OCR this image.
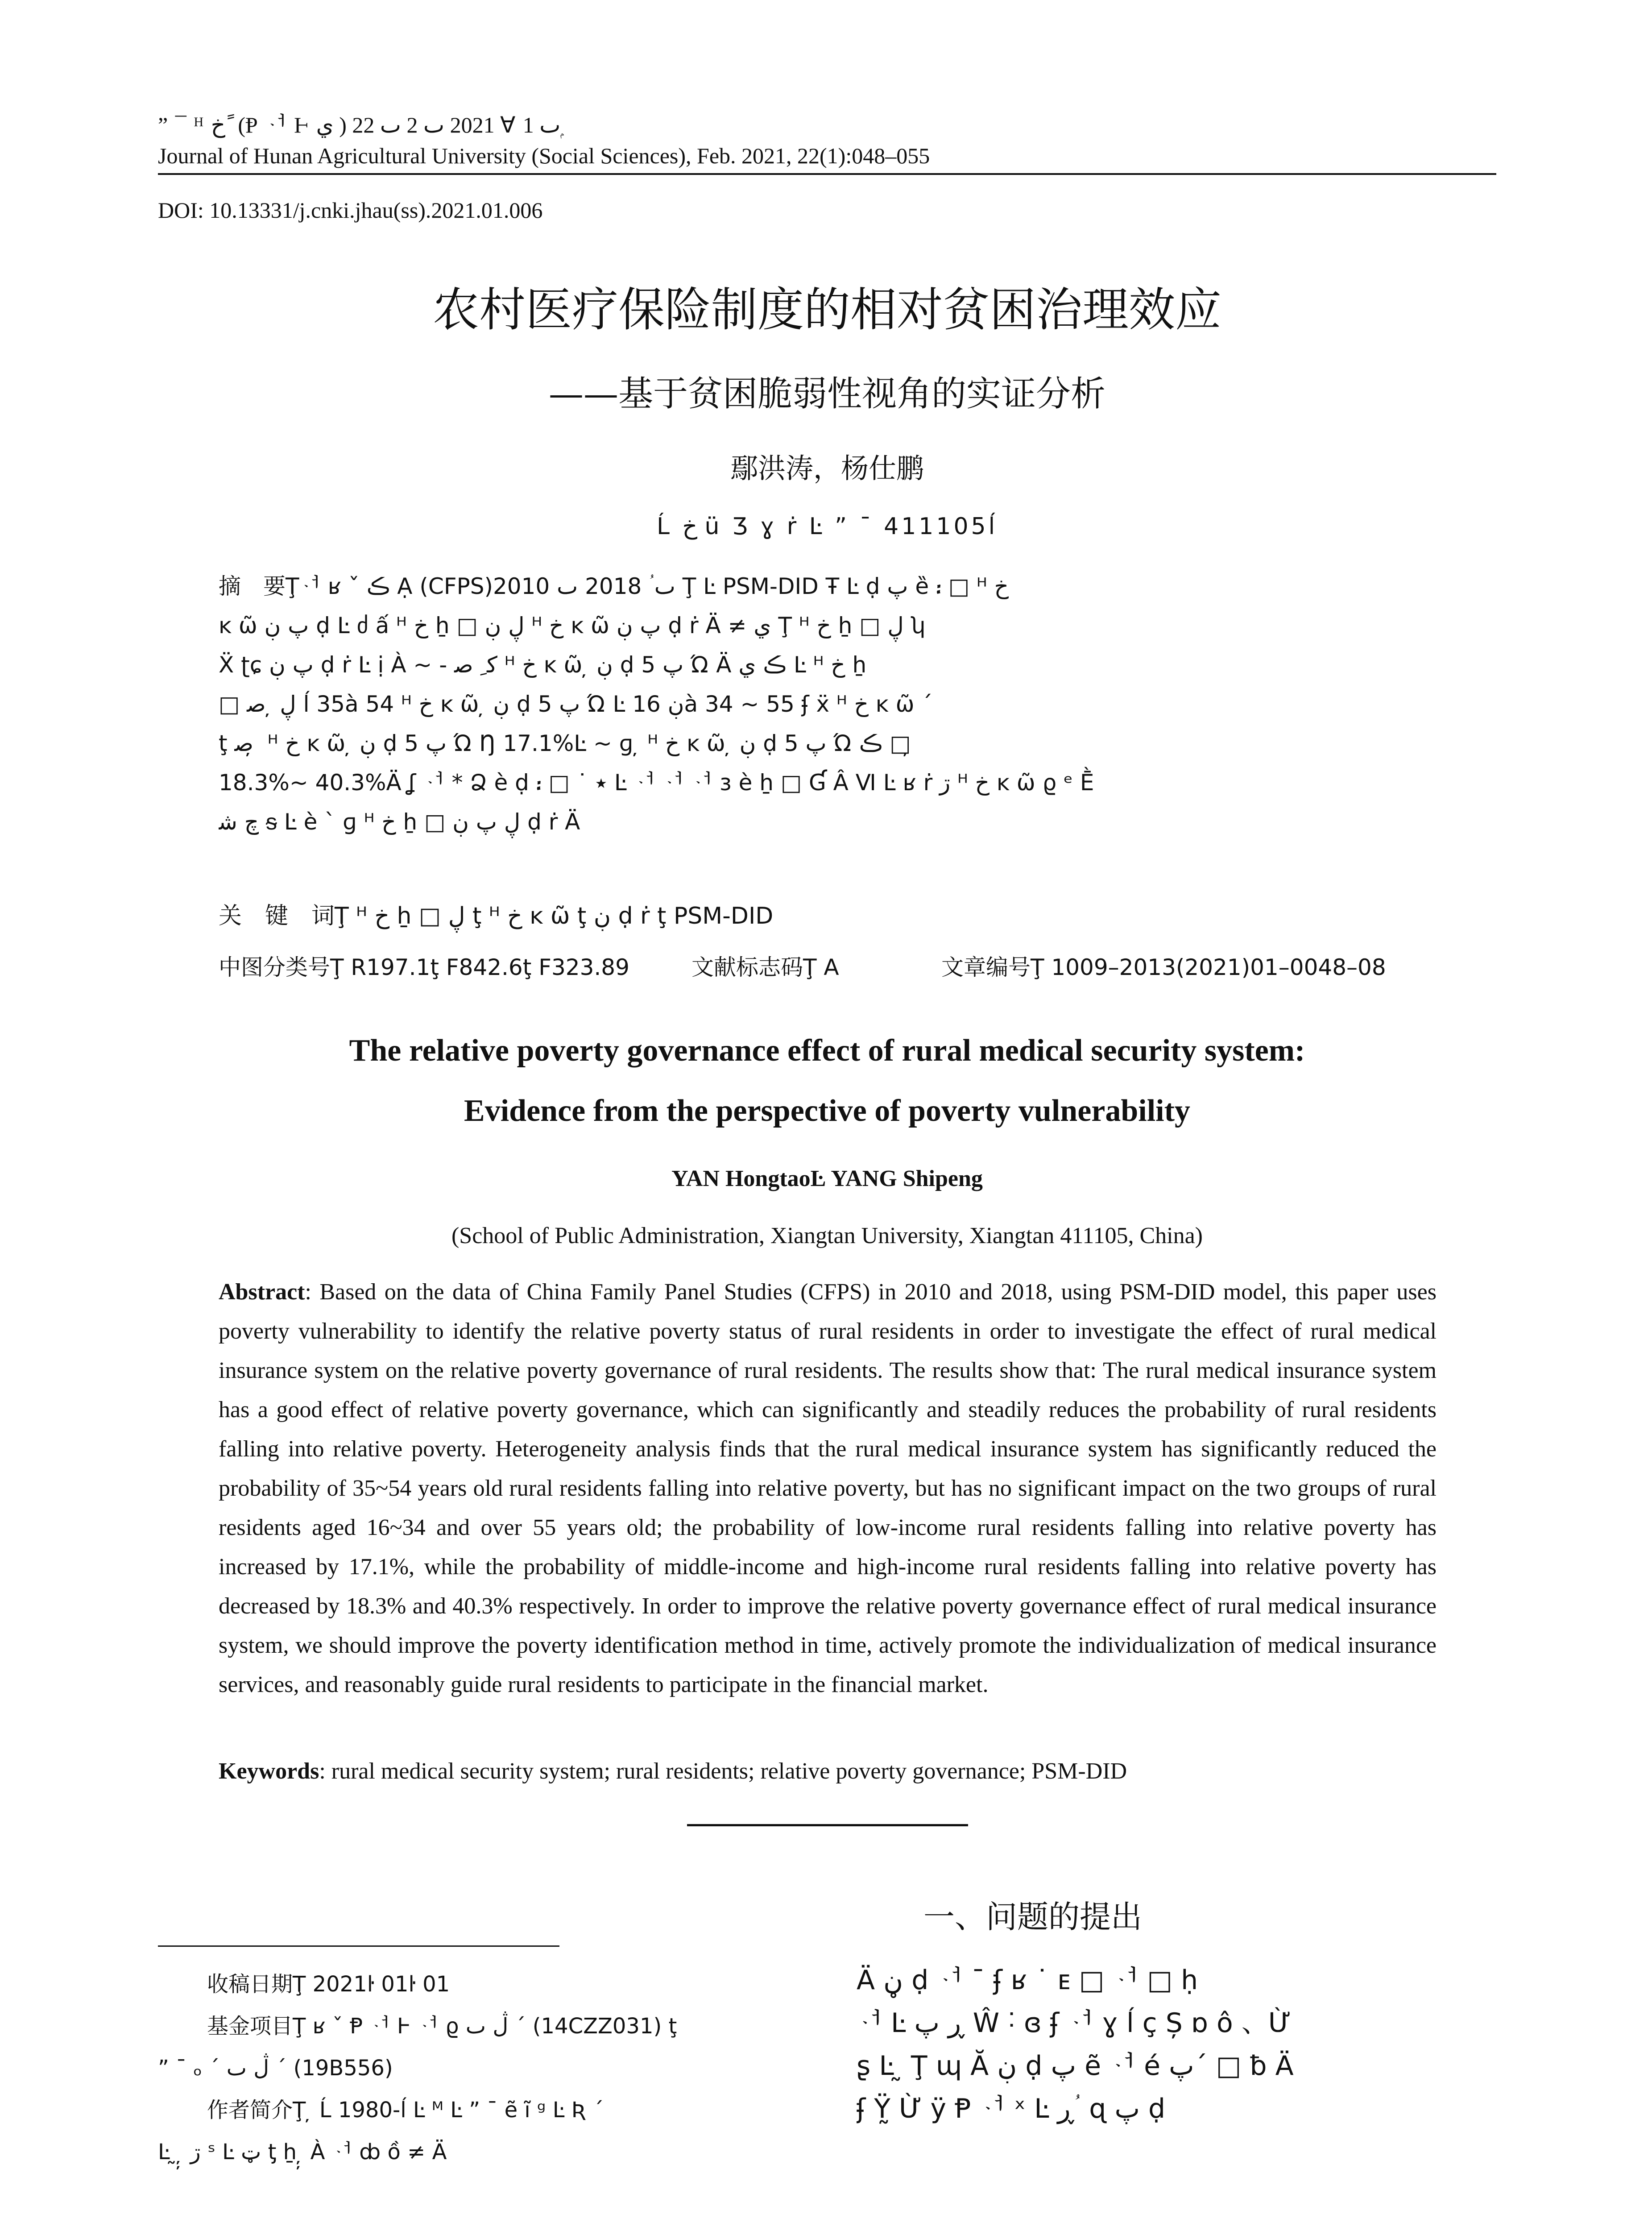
” ¯ ᴴ خ ً (Ᵽ ᆟ Ⱶ ي ) 2021 ٮ 2 ٮ 22 Ɐ ٮ 1 ۭ
Journal of Hunan Agricultural University (Social Sciences), Feb. 2021, 22(1):048–055
DOI: 10.13331/j.cnki.jhau(ss).2021.01.006
农村医疗保险制度的相对贫困治理效应
——基于贫困脆弱性视角的实证分析
鄢洪涛，杨仕鹏
Ĺ خ ü Ʒ ɣ ṙ Ŀ ” ¯ 411105ĺ

摘　要Ţᆟ ʁ ˇ ڪ Ạ (CFPS)2010 ٮ ؙ 2018 ٮ Ţ Ŀ PSM-DID Ŧ Ŀ ḍ پ ȅ ᎓ □ ᴴ خ

ĸ ῶ پ ڹ ḍ Ŀ ძ ấ ᴴ خ ẖ □ ڸ ڹ ᴴ خ ĸ ῶ پ ڹ ḍ ṙ Ä ≠ ي Ţ ᴴ خ ẖ □ ڸ ʮ

Ẍ ʈɕ پ ڹ ḍ ṙ Ŀ ị À ~ - ﮐ ِ ﺻ ᴴ خ ĸ ῶ ̦ ڹ ḍ پ 5 Ώ Ä ڪ ي Ŀ ᴴ خ ẖ

□ ڸ ̦ ﺻ ĺ 35à 54 ᴴ خ ĸ ῶ ̦ ڹ ḍ پ 5 Ώ Ŀ ڹ 16à 34 ~ 55 ʄ ẍ ᴴ خ ĸ ῶ ´

ţ ﺻ ̦ ᴴ خ ĸ ῶ ̦ ڹ ḍ پ 5 Ώ Ŋ 17.1%Ŀ ~ ɡ ̦ ᴴ خ ĸ ῶ ̦ ڹ ḍ پ 5 Ώ ڪ □ ̦

18.3%~ 40.3%Ä ʆ ᆟ * Ձ è ḍ ᎓ □ ˙ ٭ Ŀ ᆟ ᆟ ᆟ ɜ è ẖ □ Ɠ Â Ⅵ Ŀ ʁ ṙ ڗ ᴴ خ ĸ ῶ ϱ ᵉ Ḕ

ﭺ ﺷ ᵴ Ŀ è ` ɡ ᴴ خ ẖ □ ڸ پ ڹ ḍ ṙ Ä

关　键　词Ţ ᴴ خ ẖ □ ڸ ţ ᴴ خ ĸ ῶ ţ ڹ ḍ ṙ ţ PSM-DID
中图分类号Ţ R197.1ţ F842.6ţ F323.89	文献标志码Ţ A	文章编号Ţ 1009–2013(2021)01–0048–08
The relative poverty governance effect of rural medical security system:
Evidence from the perspective of poverty vulnerability
YAN HongtaoĿ YANG Shipeng
(School of Public Administration, Xiangtan University, Xiangtan 411105, China)
Abstract: Based on the data of China Family Panel Studies (CFPS) in 2010 and 2018, using PSM-DID model, this paper uses poverty vulnerability to identify the relative poverty status of rural residents in order to investigate the effect of rural medical insurance system on the relative poverty governance of rural residents. The results show that: The rural medical insurance system has a good effect of relative poverty governance, which can significantly and steadily reduces the probability of rural residents falling into relative poverty. Heterogeneity analysis finds that the rural medical insurance system has significantly reduced the probability of 35~54 years old rural residents falling into relative poverty, but has no significant impact on the two groups of rural residents aged 16~34 and over 55 years old; the probability of low-income rural residents falling into relative poverty has increased by 17.1%, while the probability of middle-income and high-income rural residents falling into relative poverty has decreased by 18.3% and 40.3% respectively. In order to improve the relative poverty governance effect of rural medical insurance system, we should improve the poverty identification method in time, actively promote the individualization of medical insurance services, and reasonably guide rural residents to participate in the financial market.
Keywords: rural medical security system; rural residents; relative poverty governance; PSM-DID
一、问题的提出

Ä ڼ ḍ ᆟ ¯ ʄ ʁ ˙ ᴇ □ ᆟ □ ḥ

ᆟ Ŀ ڕ پ Ŵ ˸ ɞ ʄ ᆟ ɣ ĺ ç Ș ɒ ô 、Ừ

ʂ Ŀ ̰ Ţ ɰ Ă ڹ ḍ پ ẽ ᆟ é پ´ □ ƀ Ä

ʄ Ÿ̰ Ừ ÿ Ᵽ ᆟ ˣ Ŀ ڕ ؙ ɋ پ ḍ

收稿日期Ţ 2021ŀ 01ŀ 01

基金项目Ţ ʁ ˇ Ᵽ ᆟ Ⱶ ᆟ ϱ ڷ ٮ ´ (14CZZ031) ţ

” ¯ ₒ ´ ڷ ٮ ´ (19B556)

作者简介Ţ ̦ Ĺ 1980-ĺ Ŀ ᴹ Ŀ ” ¯ ẽ ĩ ᵍ Ŀ Ʀ ´

Ŀ ̰ ̦̦ ڗ ˢ Ŀ ټ ƫ ẖ ̦̦ À ᆟ ȸ ồ ≠ Ä
